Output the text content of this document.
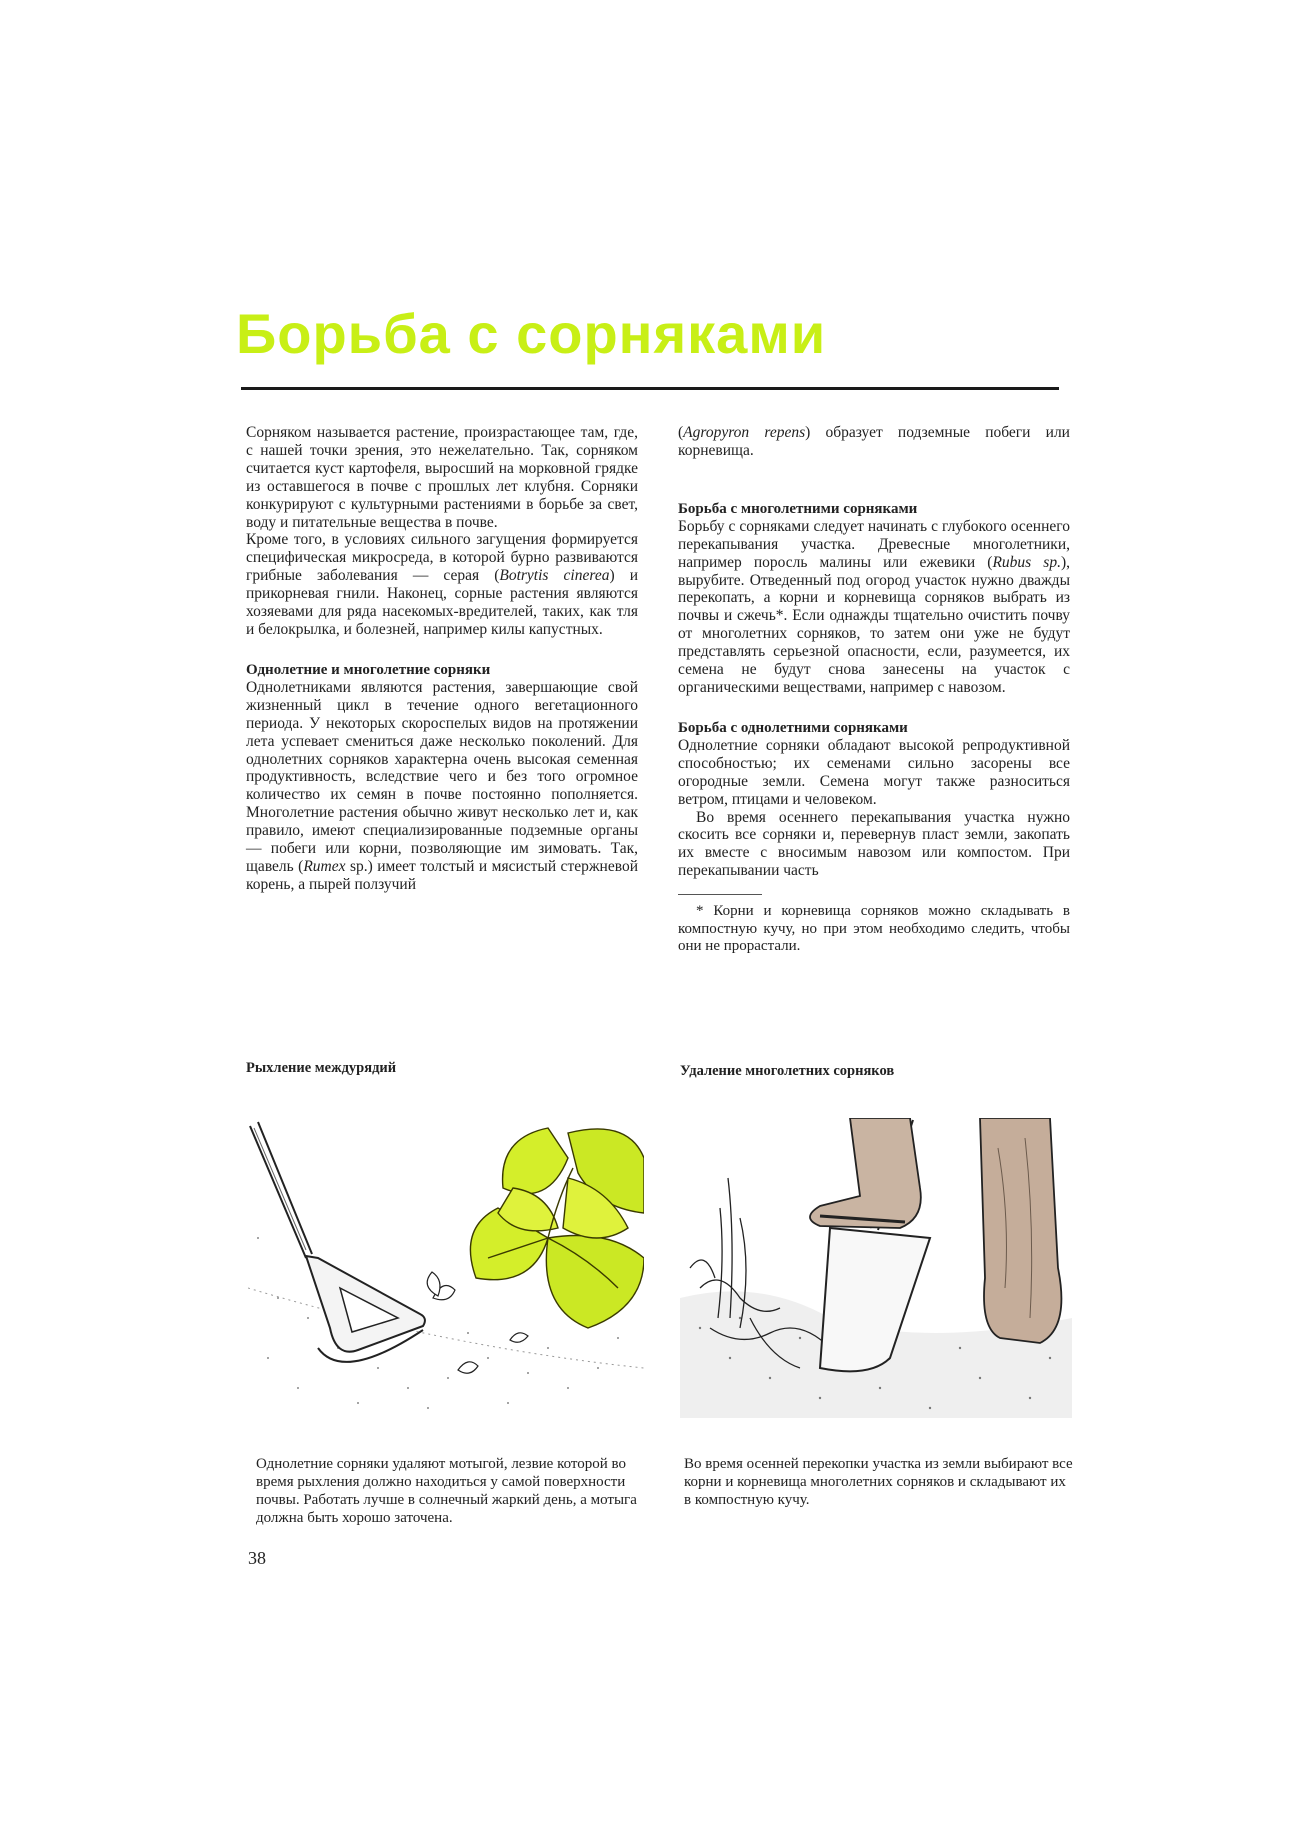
Борьба с сорняками

Сорняком называется растение, произрастающее там, где, с нашей точки зрения, это нежелательно. Так, сорняком считается куст картофеля, выросший на морковной грядке из оставшегося в почве с прошлых лет клубня. Сорняки конкурируют с культурными растениями в борьбе за свет, воду и питательные вещества в почве.

Кроме того, в условиях сильного загущения формируется специфическая микросреда, в которой бурно развиваются грибные заболевания — серая (Botrytis cinerea) и прикорневая гнили. Наконец, сорные растения являются хозяевами для ряда насекомых-вредителей, таких, как тля и белокрылка, и болезней, например килы капустных.

Однолетние и многолетние сорняки

Однолетниками являются растения, завершающие свой жизненный цикл в течение одного вегетационного периода. У некоторых скороспелых видов на протяжении лета успевает смениться даже несколько поколений. Для однолетних сорняков характерна очень высокая семенная продуктивность, вследствие чего и без того огромное количество их семян в почве постоянно пополняется. Многолетние растения обычно живут несколько лет и, как правило, имеют специализированные подземные органы — побеги или корни, позволяющие им зимовать. Так, щавель (Rumex sp.) имеет толстый и мясистый стержневой корень, а пырей ползучий

(Agropyron repens) образует подземные побеги или корневища.

Борьба с многолетними сорняками

Борьбу с сорняками следует начинать с глубокого осеннего перекапывания участка. Древесные многолетники, например поросль малины или ежевики (Rubus sp.), вырубите. Отведенный под огород участок нужно дважды перекопать, а корни и корневища сорняков выбрать из почвы и сжечь*. Если однажды тщательно очистить почву от многолетних сорняков, то затем они уже не будут представлять серьезной опасности, если, разумеется, их семена не будут снова занесены на участок с органическими веществами, например с навозом.

Борьба с однолетними сорняками

Однолетние сорняки обладают высокой репродуктивной способностью; их семенами сильно засорены все огородные земли. Семена могут также разноситься ветром, птицами и человеком.

Во время осеннего перекапывания участка нужно скосить все сорняки и, перевернув пласт земли, закопать их вместе с вносимым навозом или компостом. При перекапывании часть

* Корни и корневища сорняков можно складывать в компостную кучу, но при этом необходимо следить, чтобы они не прорастали.

Рыхление междурядий	Удаление многолетних сорняков
Однолетние сорняки удаляют мотыгой, лезвие которой во время рыхления должно находиться у самой поверхности почвы. Работать лучше в солнечный жаркий день, а мотыга должна быть хорошо заточена.
Во время осенней перекопки участка из земли выбирают все корни и корневища многолетних сорняков и складывают их в компостную кучу.
38
